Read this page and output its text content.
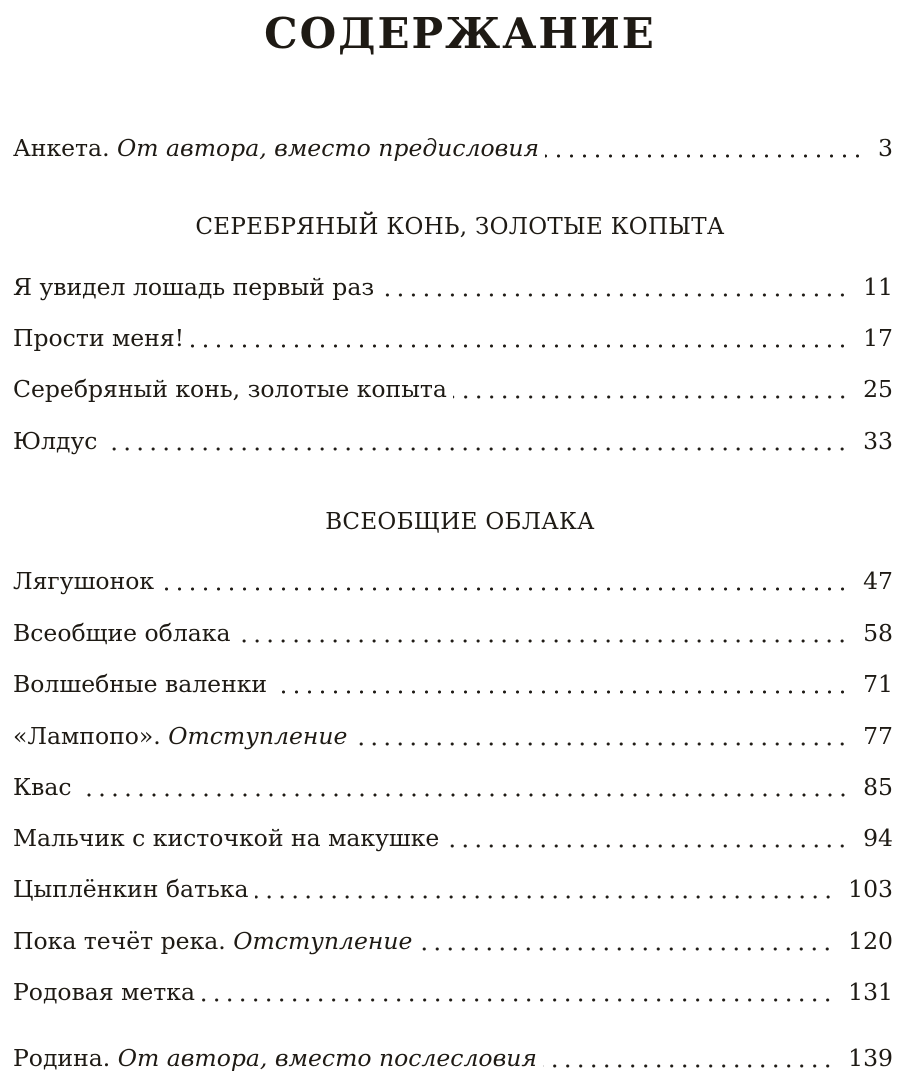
СОДЕРЖАНИЕ
Анкета. От автора, вместо предисловия	3
СЕРЕБРЯНЫЙ КОНЬ, ЗОЛОТЫЕ КОПЫТА
Я увидел лошадь первый раз	11
Прости меня!	17
Серебряный конь, золотые копыта	25
Юлдус	33
ВСЕОБЩИЕ ОБЛАКА
Лягушонок	47
Всеобщие облака	58
Волшебные валенки	71
«Лампопо». Отступление	77
Квас	85
Мальчик с кисточкой на макушке	94
Цыплёнкин батька	103
Пока течёт река. Отступление	120
Родовая метка	131
Родина. От автора, вместо послесловия	139
